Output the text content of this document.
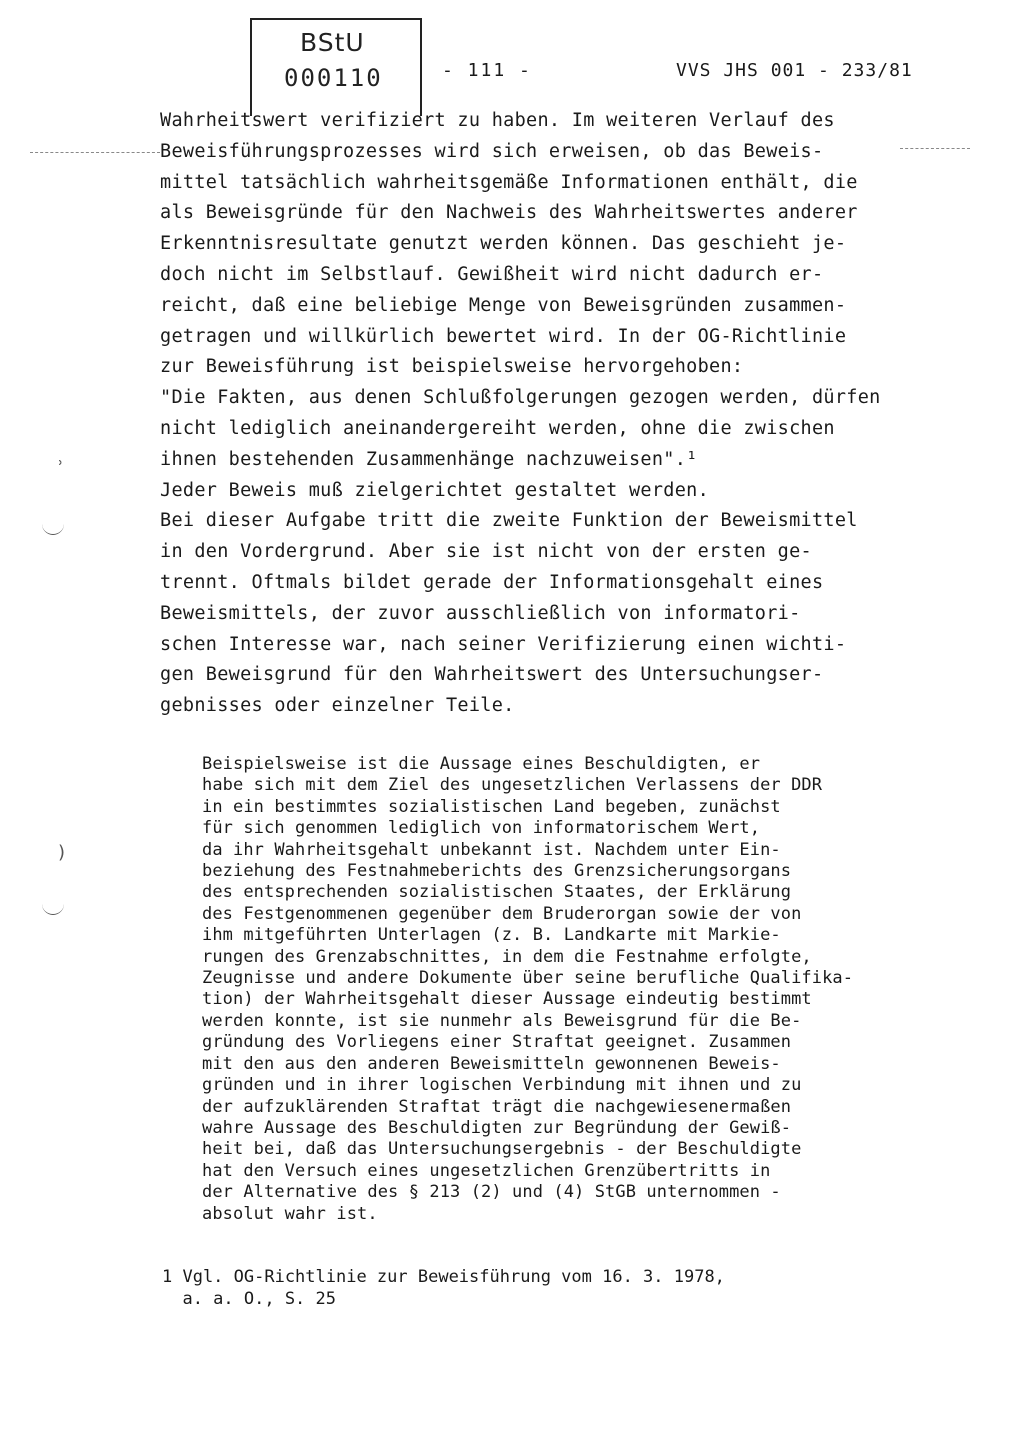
BStU
000110	- 111 -	VVS JHS 001 - 233/81
ʾ
)
Wahrheitswert verifiziert zu haben. Im weiteren Verlauf des
Beweisführungsprozesses wird sich erweisen, ob das Beweis-
mittel tatsächlich wahrheitsgemäße Informationen enthält, die
als Beweisgründe für den Nachweis des Wahrheitswertes anderer
Erkenntnisresultate genutzt werden können. Das geschieht je-
doch nicht im Selbstlauf. Gewißheit wird nicht dadurch er-
reicht, daß eine beliebige Menge von Beweisgründen zusammen-
getragen und willkürlich bewertet wird. In der OG-Richtlinie
zur Beweisführung ist beispielsweise hervorgehoben:
"Die Fakten, aus denen Schlußfolgerungen gezogen werden, dürfen
nicht lediglich aneinandergereiht werden, ohne die zwischen
ihnen bestehenden Zusammenhänge nachzuweisen".¹
Jeder Beweis muß zielgerichtet gestaltet werden.
Bei dieser Aufgabe tritt die zweite Funktion der Beweismittel
in den Vordergrund. Aber sie ist nicht von der ersten ge-
trennt. Oftmals bildet gerade der Informationsgehalt eines
Beweismittels, der zuvor ausschließlich von informatori-
schen Interesse war, nach seiner Verifizierung einen wichti-
gen Beweisgrund für den Wahrheitswert des Untersuchungser-
gebnisses oder einzelner Teile.
Beispielsweise ist die Aussage eines Beschuldigten, er
habe sich mit dem Ziel des ungesetzlichen Verlassens der DDR
in ein bestimmtes sozialistischen Land begeben, zunächst
für sich genommen lediglich von informatorischem Wert,
da ihr Wahrheitsgehalt unbekannt ist. Nachdem unter Ein-
beziehung des Festnahmeberichts des Grenzsicherungsorgans
des entsprechenden sozialistischen Staates, der Erklärung
des Festgenommenen gegenüber dem Bruderorgan sowie der von
ihm mitgeführten Unterlagen (z. B. Landkarte mit Markie-
rungen des Grenzabschnittes, in dem die Festnahme erfolgte,
Zeugnisse und andere Dokumente über seine berufliche Qualifika-
tion) der Wahrheitsgehalt dieser Aussage eindeutig bestimmt
werden konnte, ist sie nunmehr als Beweisgrund für die Be-
gründung des Vorliegens einer Straftat geeignet. Zusammen
mit den aus den anderen Beweismitteln gewonnenen Beweis-
gründen und in ihrer logischen Verbindung mit ihnen und zu
der aufzuklärenden Straftat trägt die nachgewiesenermaßen
wahre Aussage des Beschuldigten zur Begründung der Gewiß-
heit bei, daß das Untersuchungsergebnis - der Beschuldigte
hat den Versuch eines ungesetzlichen Grenzübertritts in
der Alternative des § 213 (2) und (4) StGB unternommen -
absolut wahr ist.
1 Vgl. OG-Richtlinie zur Beweisführung vom 16. 3. 1978,
a. a. O., S. 25
